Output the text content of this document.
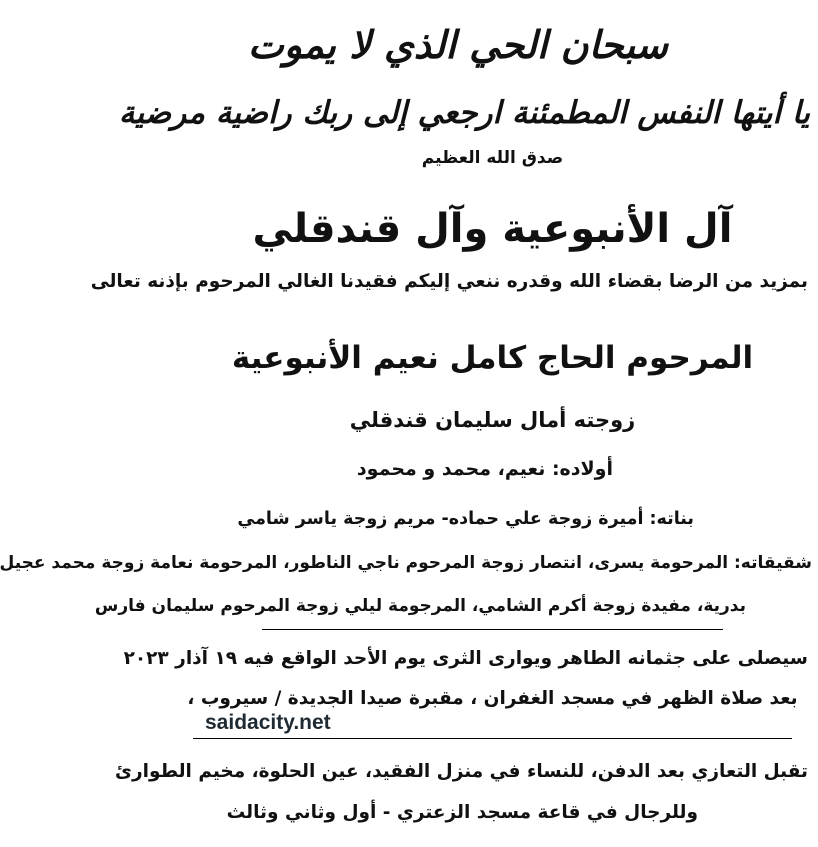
سبحان الحي الذي لا يموت
يا أيتها النفس المطمئنة ارجعي إلى ربك راضية مرضية
صدق الله العظيم
آل الأنبوعية وآل قندقلي
بمزيد من الرضا بقضاء الله وقدره ننعي إليكم فقيدنا الغالي المرحوم بإذنه تعالى
المرحوم الحاج كامل نعيم الأنبوعية
زوجته أمال سليمان قندقلي
أولاده: نعيم، محمد و محمود
بناته: أميرة زوجة علي حماده- مريم زوجة ياسر شامي
شقيقاته: المرحومة يسرى، انتصار زوجة المرحوم ناجي الناطور، المرحومة نعامة زوجة محمد عجيل
بدرية، مفيدة زوجة أكرم الشامي، المرجومة ليلي زوجة المرحوم سليمان فارس
سيصلى على جثمانه الطاهر ويوارى الثرى يوم الأحد الواقع فيه ١٩ آذار ٢٠٢٣
بعد صلاة الظهر في مسجد الغفران ، مقبرة صيدا الجديدة / سيروب ،
saidacity.net
تقبل التعازي بعد الدفن، للنساء في منزل الفقيد، عين الحلوة، مخيم الطوارئ
وللرجال في قاعة مسجد الزعتري - أول وثاني وثالث
